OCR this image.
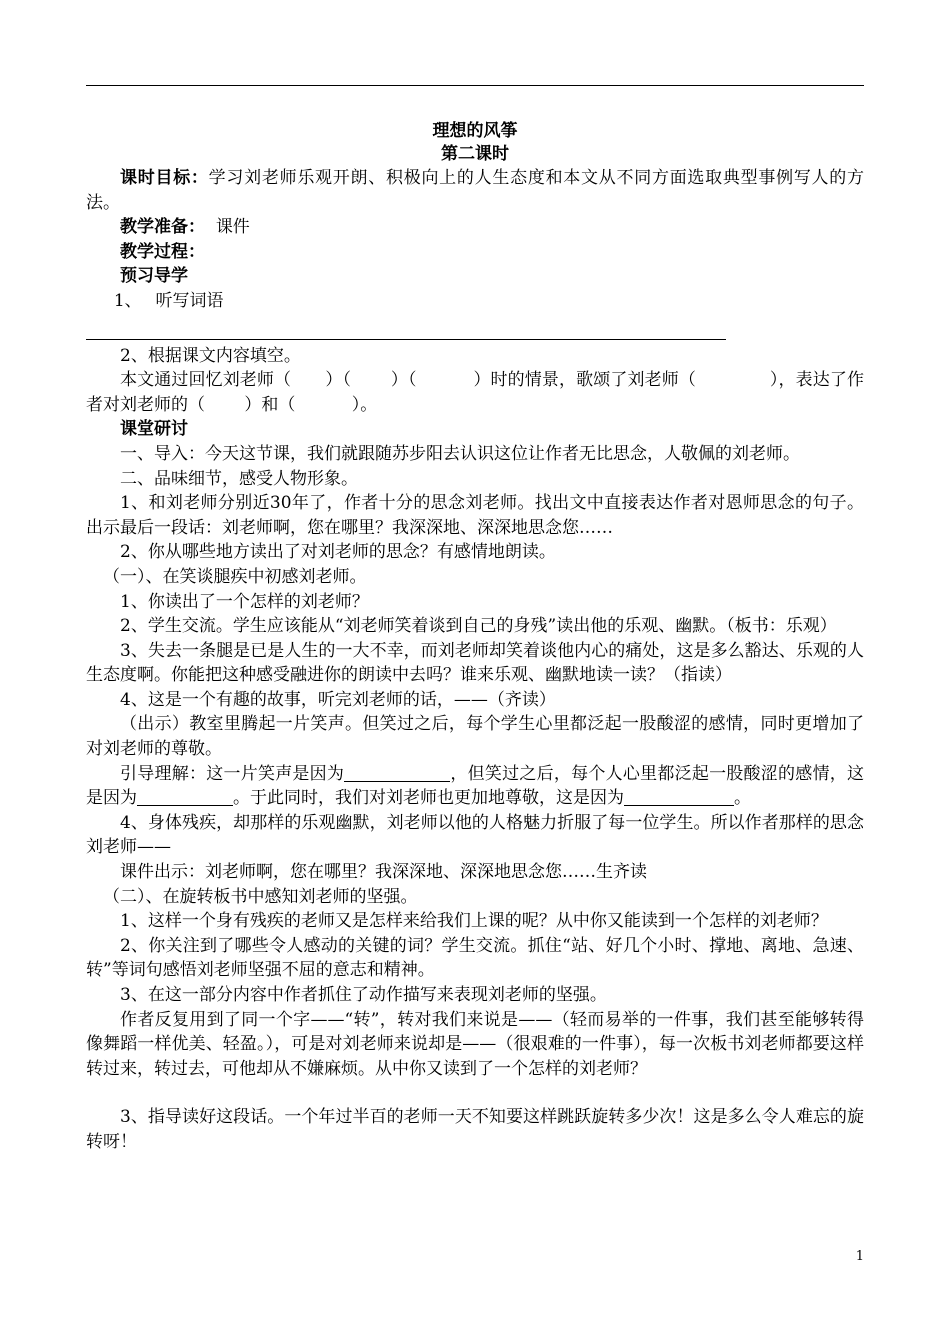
理想的风筝

第二课时

课时目标：学习刘老师乐观开朗、积极向上的人生态度和本文从不同方面选取典型事例写人的方法。

教学准备： 课件

教学过程：

预习导学

1、　 听写词语

2、根据课文内容填空。

本文通过回忆刘老师（　　）（　　 ）（　　 　）时的情景，歌颂了刘老师（　　　　 ），表达了作者对刘老师的（　　 ）和（　　　 ）。

课堂研讨

一、导入：今天这节课，我们就跟随苏步阳去认识这位让作者无比思念，人敬佩的刘老师。

二、品味细节，感受人物形象。

1、和刘老师分别近30年了，作者十分的思念刘老师。找出文中直接表达作者对恩师思念的句子。出示最后一段话：刘老师啊，您在哪里？我深深地、深深地思念您……

2、你从哪些地方读出了对刘老师的思念？有感情地朗读。

（一）、在笑谈腿疾中初感刘老师。

1、你读出了一个怎样的刘老师？

2、学生交流。学生应该能从“刘老师笑着谈到自己的身残”读出他的乐观、幽默。（板书：乐观）

3、失去一条腿是已是人生的一大不幸，而刘老师却笑着谈他内心的痛处，这是多么豁达、乐观的人生态度啊。你能把这种感受融进你的朗读中去吗？谁来乐观、幽默地读一读？（指读）

4、这是一个有趣的故事，听完刘老师的话，——（齐读）

（出示）教室里腾起一片笑声。但笑过之后，每个学生心里都泛起一股酸涩的感情，同时更增加了对刘老师的尊敬。

引导理解：这一片笑声是因为	，但笑过之后，每个人心里都泛起一股酸涩的感情，这是因为	。于此同时，我们对刘老师也更加地尊敬，这是因为	。

4、身体残疾，却那样的乐观幽默，刘老师以他的人格魅力折服了每一位学生。所以作者那样的思念刘老师——

课件出示：刘老师啊，您在哪里？我深深地、深深地思念您……生齐读

（二）、在旋转板书中感知刘老师的坚强。

1、这样一个身有残疾的老师又是怎样来给我们上课的呢？从中你又能读到一个怎样的刘老师？

2、你关注到了哪些令人感动的关键的词？学生交流。抓住“站、好几个小时、撑地、离地、急速、转”等词句感悟刘老师坚强不屈的意志和精神。

3、在这一部分内容中作者抓住了动作描写来表现刘老师的坚强。

作者反复用到了同一个字——“转”，转对我们来说是——（轻而易举的一件事，我们甚至能够转得像舞蹈一样优美、轻盈。），可是对刘老师来说却是——（很艰难的一件事），每一次板书刘老师都要这样转过来，转过去，可他却从不嫌麻烦。从中你又读到了一个怎样的刘老师？

3、指导读好这段话。一个年过半百的老师一天不知要这样跳跃旋转多少次！这是多么令人难忘的旋转呀！

1
